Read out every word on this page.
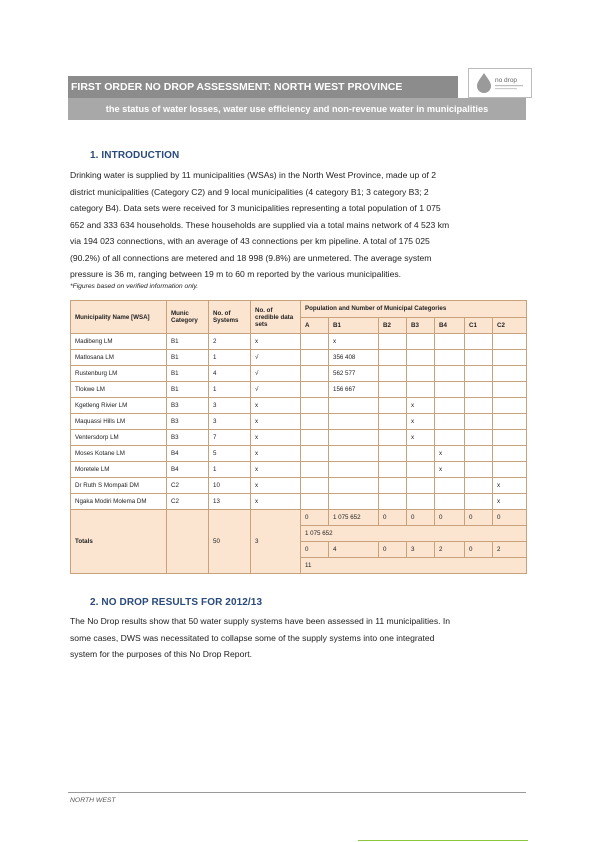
FIRST ORDER NO DROP ASSESSMENT: NORTH WEST PROVINCE
the status of water losses, water use efficiency and non-revenue water in municipalities
no drop
1. INTRODUCTION
Drinking water is supplied by 11 municipalities (WSAs) in the North West Province, made up of 2
district municipalities (Category C2) and 9 local municipalities (4 category B1; 3 category B3; 2
category B4). Data sets were received for 3 municipalities representing a total population of 1 075
652 and 333 634 households. These households are supplied via a total mains network of 4 523 km
via 194 023 connections, with an average of 43 connections per km pipeline. A total of 175 025
(90.2%) of all connections are metered and 18 998 (9.8%) are unmetered. The average system
pressure is 36 m, ranging between 19 m to 60 m reported by the various municipalities.
*Figures based on verified information only.
Municipality Name [WSA]	Munic Category	No. of Systems	No. of credible data sets	Population and Number of Municipal Categories						
				A	B1	B2	B3	B4	C1	C2
Madibeng LM	B1	2	x		x					
Matlosana LM	B1	1	√		356 408					
Rustenburg LM	B1	4	√		562 577					
Tlokwe LM	B1	1	√		156 667					
Kgetleng Rivier LM	B3	3	x				x			
Maquassi Hills LM	B3	3	x				x			
Ventersdorp LM	B3	7	x				x			
Moses Kotane LM	B4	5	x					x		
Moretele LM	B4	1	x					x		
Dr Ruth S Mompati DM	C2	10	x							x
Ngaka Modiri Molema DM	C2	13	x							x
Totals		50	3	0	1 075 652	0	0	0	0	0
				1 075 652						
				0	4	0	3	2	0	2
				11						
2. NO DROP RESULTS FOR 2012/13
The No Drop results show that 50 water supply systems have been assessed in 11 municipalities. In
some cases, DWS was necessitated to collapse some of the supply systems into one integrated
system for the purposes of this No Drop Report.
NORTH WEST
